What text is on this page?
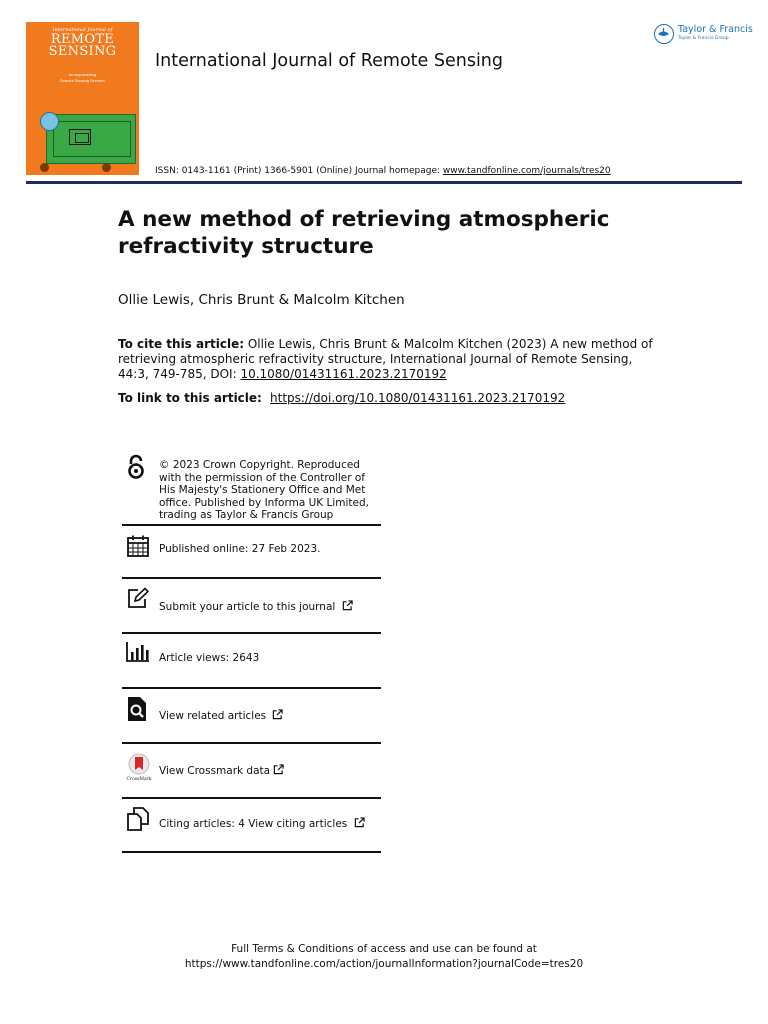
International Journal of
REMOTE
SENSING
incorporating
Remote Sensing Reviews
International Journal of Remote Sensing
ISSN: 0143-1161 (Print) 1366-5901 (Online) Journal homepage: www.tandfonline.com/journals/tres20
Taylor & Francis
Taylor & Francis Group
A new method of retrieving atmospheric refractivity structure
Ollie Lewis, Chris Brunt & Malcolm Kitchen
To cite this article: Ollie Lewis, Chris Brunt & Malcolm Kitchen (2023) A new method of retrieving atmospheric refractivity structure, International Journal of Remote Sensing, 44:3, 749-785, DOI: 10.1080/01431161.2023.2170192
To link to this article: https://doi.org/10.1080/01431161.2023.2170192
© 2023 Crown Copyright. Reproduced with the permission of the Controller of His Majesty's Stationery Office and Met office. Published by Informa UK Limited, trading as Taylor & Francis Group
Published online: 27 Feb 2023.
Submit your article to this journal
Article views: 2643
View related articles
CrossMark
View Crossmark data
Citing articles: 4 View citing articles
Full Terms & Conditions of access and use can be found at
https://www.tandfonline.com/action/journalInformation?journalCode=tres20
